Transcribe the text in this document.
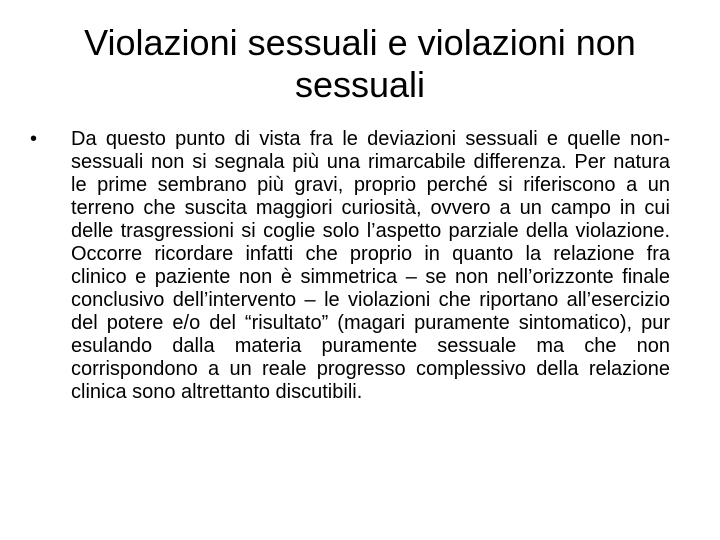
Violazioni sessuali e violazioni non sessuali
• Da questo punto di vista fra le deviazioni sessuali e quelle non-sessuali non si segnala più una rimarcabile differenza. Per natura le prime sembrano più gravi, proprio perché si riferiscono a un terreno che suscita maggiori curiosità, ovvero a un campo in cui delle trasgressioni si coglie solo l’aspetto parziale della violazione. Occorre ricordare infatti che proprio in quanto la relazione fra clinico e paziente non è simmetrica – se non nell’orizzonte finale conclusivo dell’intervento – le violazioni che riportano all’esercizio del potere e/o del “risultato” (magari puramente sintomatico), pur esulando dalla materia puramente sessuale ma che non corrispondono a un reale progresso complessivo della relazione clinica sono altrettanto discutibili.
